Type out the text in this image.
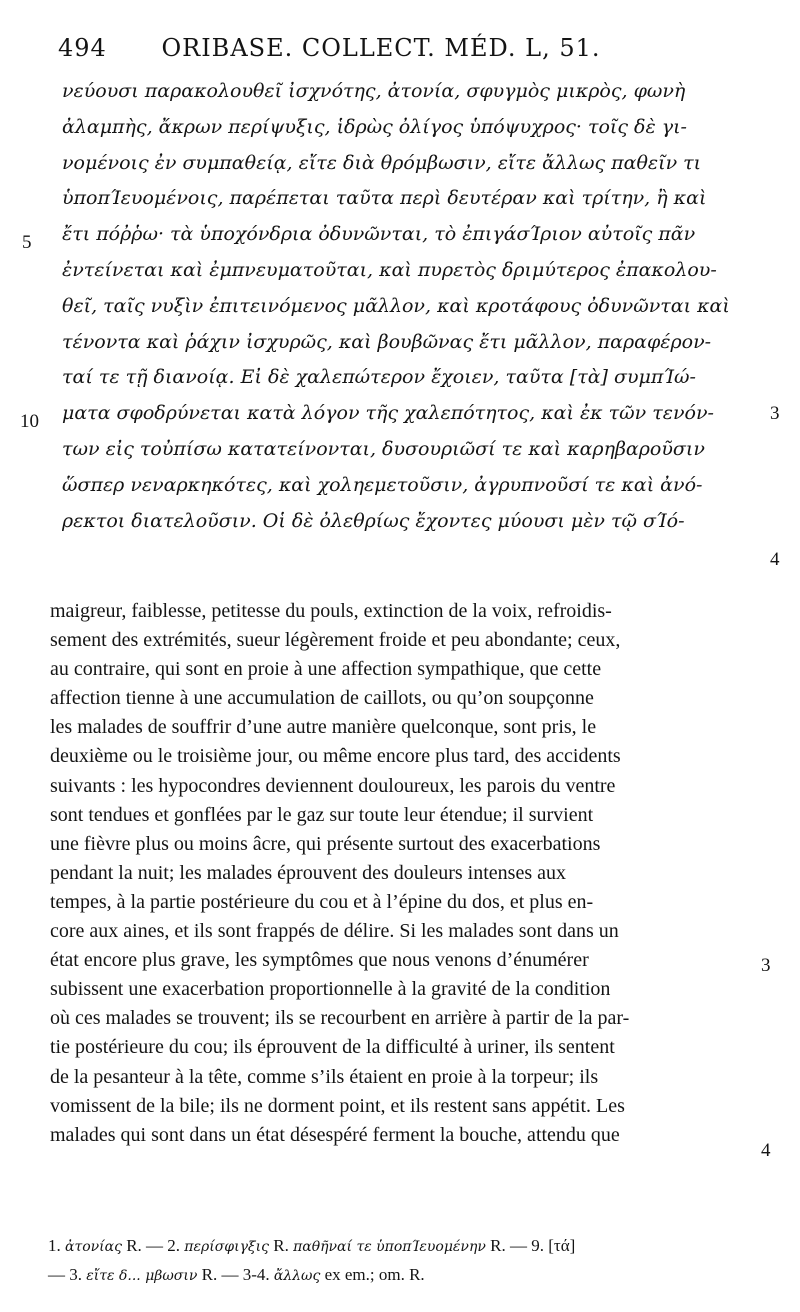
494 ORIBASE. COLLECT. MÉD. L, 51.
νεύουσι παρακολουθεῖ ἰσχνότης, ἀτονία, σφυγμὸς μικρὸς, φωνὴ
ἀλαμπὴς, ἄκρων περίψυξις, ἱδρὼς ὀλίγος ὑπόψυχρος· τοῖς δὲ γι-
νομένοις ἐν συμπαθείᾳ, εἴτε διὰ θρόμβωσιν, εἴτε ἄλλως παθεῖν τι
ὑποπΊευομένοις, παρέπεται ταῦτα περὶ δευτέραν καὶ τρίτην, ἢ καὶ
ἔτι πόῤῥω· τὰ ὑποχόνδρια ὀδυνῶνται, τὸ ἐπιγάσΊριον αὐτοῖς πᾶν
ἐντείνεται καὶ ἐμπνευματοῦται, καὶ πυρετὸς δριμύτερος ἐπακολου-
θεῖ, ταῖς νυξὶν ἐπιτεινόμενος μᾶλλον, καὶ κροτάφους ὀδυνῶνται καὶ
τένοντα καὶ ῥάχιν ἰσχυρῶς, καὶ βουβῶνας ἔτι μᾶλλον, παραφέρον-
ταί τε τῇ διανοίᾳ. Εἰ δὲ χαλεπώτερον ἔχοιεν, ταῦτα [τὰ] συμπΊώ-
ματα σφοδρύνεται κατὰ λόγον τῆς χαλεπότητος, καὶ ἐκ τῶν τενόν-
των εἰς τοὐπίσω κατατείνονται, δυσουριῶσί τε καὶ καρηβαροῦσιν
ὥσπερ νεναρκηκότες, καὶ χοληεμετοῦσιν, ἀγρυπνοῦσί τε καὶ ἀνό-
ρεκτοι διατελοῦσιν. Οἱ δὲ ὀλεθρίως ἔχοντες μύουσι μὲν τῷ σΊό-
5
10	3
4
maigreur, faiblesse, petitesse du pouls, extinction de la voix, refroidis-
sement des extrémités, sueur légèrement froide et peu abondante; ceux,
au contraire, qui sont en proie à une affection sympathique, que cette
affection tienne à une accumulation de caillots, ou qu’on soupçonne
les malades de souffrir d’une autre manière quelconque, sont pris, le
deuxième ou le troisième jour, ou même encore plus tard, des accidents
suivants : les hypocondres deviennent douloureux, les parois du ventre
sont tendues et gonflées par le gaz sur toute leur étendue; il survient
une fièvre plus ou moins âcre, qui présente surtout des exacerbations
pendant la nuit; les malades éprouvent des douleurs intenses aux
tempes, à la partie postérieure du cou et à l’épine du dos, et plus en-
core aux aines, et ils sont frappés de délire. Si les malades sont dans un
état encore plus grave, les symptômes que nous venons d’énumérer
subissent une exacerbation proportionnelle à la gravité de la condition
où ces malades se trouvent; ils se recourbent en arrière à partir de la par-
tie postérieure du cou; ils éprouvent de la difficulté à uriner, ils sentent
de la pesanteur à la tête, comme s’ils étaient en proie à la torpeur; ils
vomissent de la bile; ils ne dorment point, et ils restent sans appétit. Les
malades qui sont dans un état désespéré ferment la bouche, attendu que
3
4
1. ἀτονίας R. — 2. περίσφιγξις R. παθῆναί τε ὑποπΊευομένην R. — 9. [τά]
— 3. εἴτε δ... μβωσιν R. — 3-4. ἄλλως ex em.; om. R.
